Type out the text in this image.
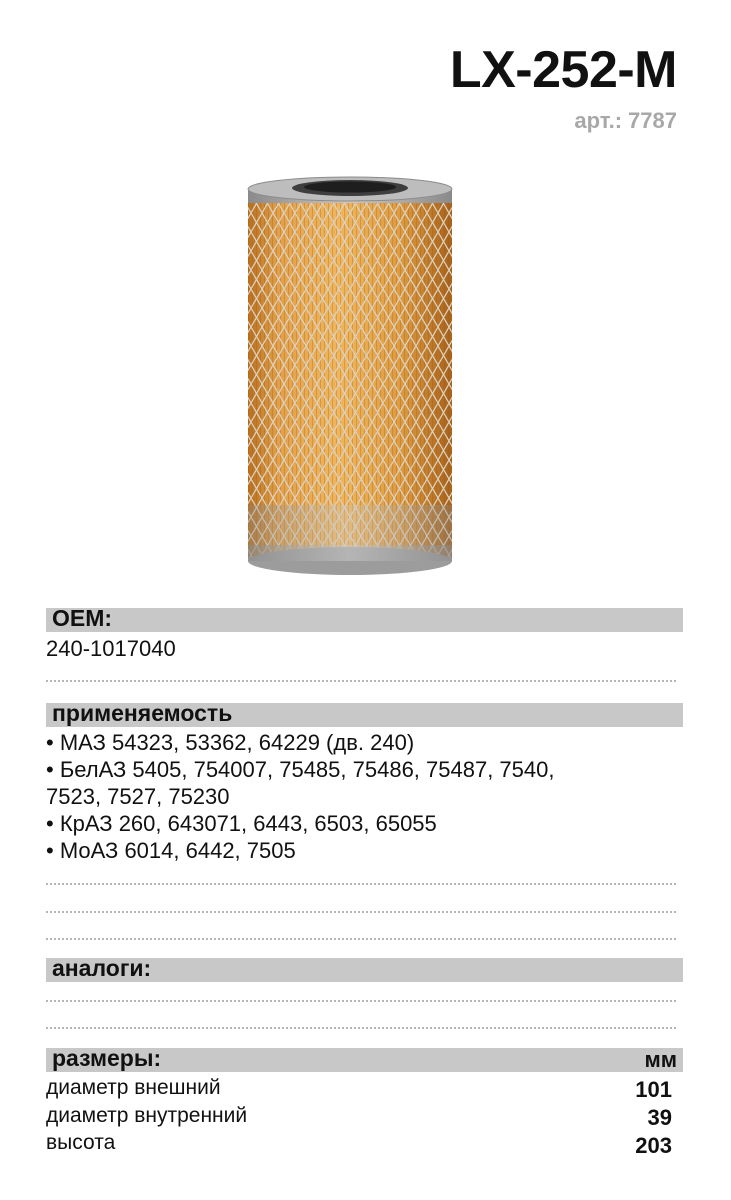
LX-252-M
арт.: 7787
OEM:
240-1017040
применяемость
• МАЗ 54323, 53362, 64229 (дв. 240)
• БелАЗ 5405, 754007, 75485, 75486, 75487, 7540,
7523, 7527, 75230
• КрАЗ 260, 643071, 6443, 6503, 65055
• МоАЗ 6014, 6442, 7505
аналоги:
размеры:	мм
диаметр внешний	101
диаметр внутренний	39
высота	203
